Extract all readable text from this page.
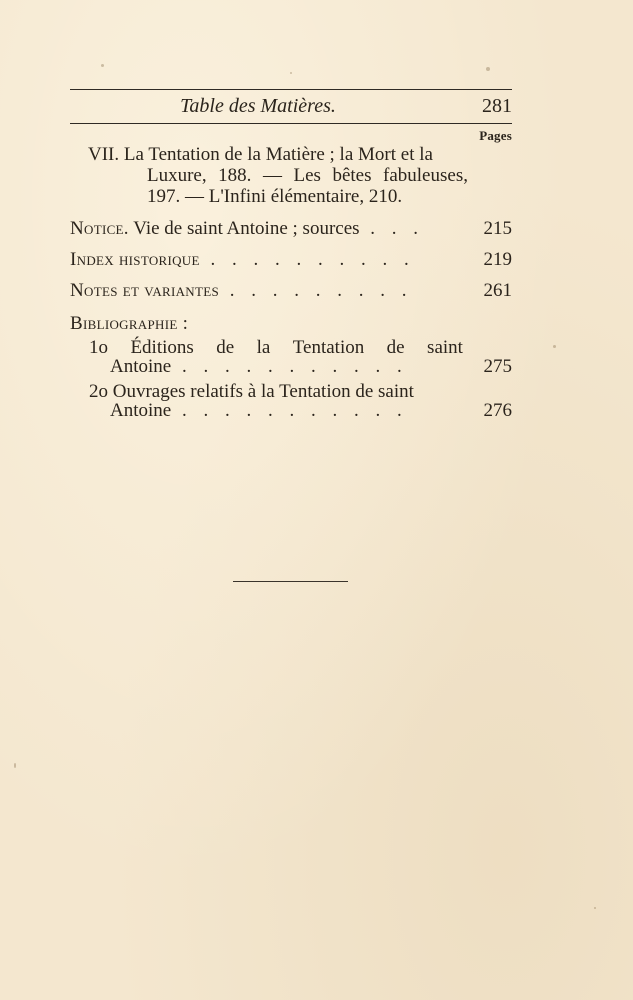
Table des Matières.	281
Pages
VII. La Tentation de la Matière ; la Mort et la
Luxure, 188. — Les bêtes fabuleuses,
197. — L'Infini élémentaire, 210.
Notice. Vie de saint Antoine ; sources . . .	215
Index historique . . . . . . . . . .	219
Notes et variantes . . . . . . . . .	261
Bibliographie :
1o Éditions de la Tentation de saint
Antoine . . . . . . . . . . .	275
2o Ouvrages relatifs à la Tentation de saint
Antoine . . . . . . . . . . .	276
